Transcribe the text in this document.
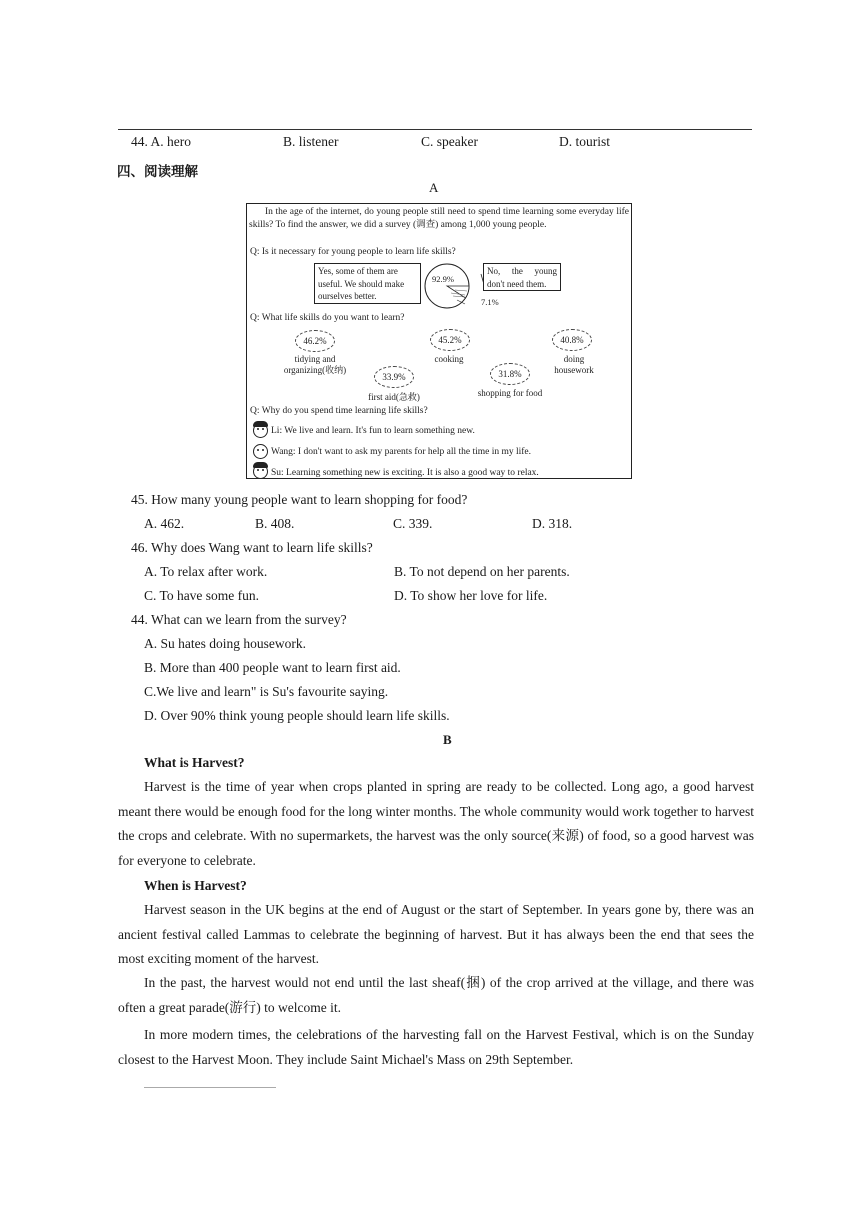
44. A. hero	B. listener	C. speaker	D. tourist
四、阅读理解
A
In the age of the internet, do young people still need to spend time learning some everyday life skills? To find the answer, we did a survey (调查) among 1,000 young people.
Q: Is it necessary for young people to learn life skills?
Yes, some of them are useful. We should make ourselves better.
92.9%
7.1%
No, the young don't need them.
Q: What life skills do you want to learn?
46.2%
tidying and organizing(收纳)
45.2%
cooking
40.8%
doing housework
33.9%
first aid(急救)
31.8%
shopping for food
Q: Why do you spend time learning life skills?
Li: We live and learn. It's fun to learn something new.
Wang: I don't want to ask my parents for help all the time in my life.
Su: Learning something new is exciting. It is also a good way to relax.
45. How many young people want to learn shopping for food?
A. 462.	B. 408.	C. 339.	D. 318.
46. Why does Wang want to learn life skills?
A. To relax after work.	B. To not depend on her parents.
C. To have some fun.	D. To show her love for life.
44. What can we learn from the survey?
A. Su hates doing housework.
B. More than 400 people want to learn first aid.
C.We live and learn" is Su's favourite saying.
D. Over 90% think young people should learn life skills.
B
What is Harvest?
Harvest is the time of year when crops planted in spring are ready to be collected. Long ago, a good harvest meant there would be enough food for the long winter months. The whole community would work together to harvest the crops and celebrate. With no supermarkets, the harvest was the only source(来源) of food, so a good harvest was for everyone to celebrate.
When is Harvest?
Harvest season in the UK begins at the end of August or the start of September. In years gone by, there was an ancient festival called Lammas to celebrate the beginning of harvest. But it has always been the end that sees the most exciting moment of the harvest.
In the past, the harvest would not end until the last sheaf(捆) of the crop arrived at the village, and there was often a great parade(游行) to welcome it.
In more modern times, the celebrations of the harvesting fall on the Harvest Festival, which is on the Sunday closest to the Harvest Moon. They include Saint Michael's Mass on 29th September.
